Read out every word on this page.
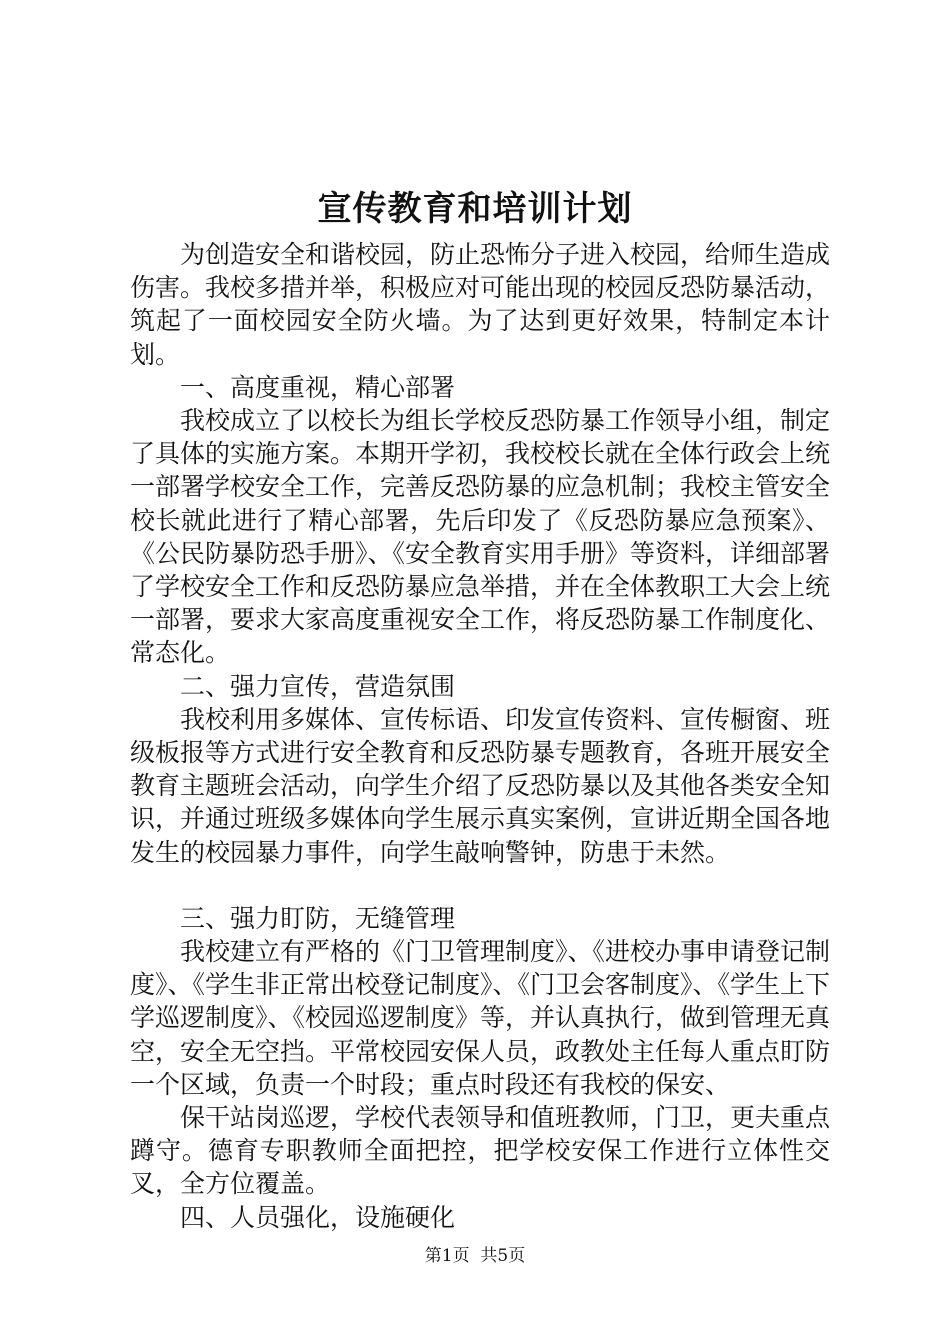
宣传教育和培训计划

为创造安全和谐校园，防止恐怖分子进入校园，给师生造成伤害。我校多措并举，积极应对可能出现的校园反恐防暴活动，筑起了一面校园安全防火墙。为了达到更好效果，特制定本计划。

一、高度重视，精心部署

我校成立了以校长为组长学校反恐防暴工作领导小组，制定了具体的实施方案。本期开学初，我校校长就在全体行政会上统一部署学校安全工作，完善反恐防暴的应急机制；我校主管安全校长就此进行了精心部署，先后印发了《反恐防暴应急预案》、《公民防暴防恐手册》、《安全教育实用手册》等资料，详细部署了学校安全工作和反恐防暴应急举措，并在全体教职工大会上统一部署，要求大家高度重视安全工作，将反恐防暴工作制度化、常态化。

二、强力宣传，营造氛围

我校利用多媒体、宣传标语、印发宣传资料、宣传橱窗、班级板报等方式进行安全教育和反恐防暴专题教育，各班开展安全教育主题班会活动，向学生介绍了反恐防暴以及其他各类安全知识，并通过班级多媒体向学生展示真实案例，宣讲近期全国各地发生的校园暴力事件，向学生敲响警钟，防患于未然。

三、强力盯防，无缝管理

我校建立有严格的《门卫管理制度》、《进校办事申请登记制度》、《学生非正常出校登记制度》、《门卫会客制度》、《学生上下学巡逻制度》、《校园巡逻制度》等，并认真执行，做到管理无真空，安全无空挡。平常校园安保人员，政教处主任每人重点盯防一个区域，负责一个时段；重点时段还有我校的保安、

保干站岗巡逻，学校代表领导和值班教师，门卫，更夫重点蹲守。德育专职教师全面把控，把学校安保工作进行立体性交叉，全方位覆盖。

四、人员强化，设施硬化

第1页  共5页
